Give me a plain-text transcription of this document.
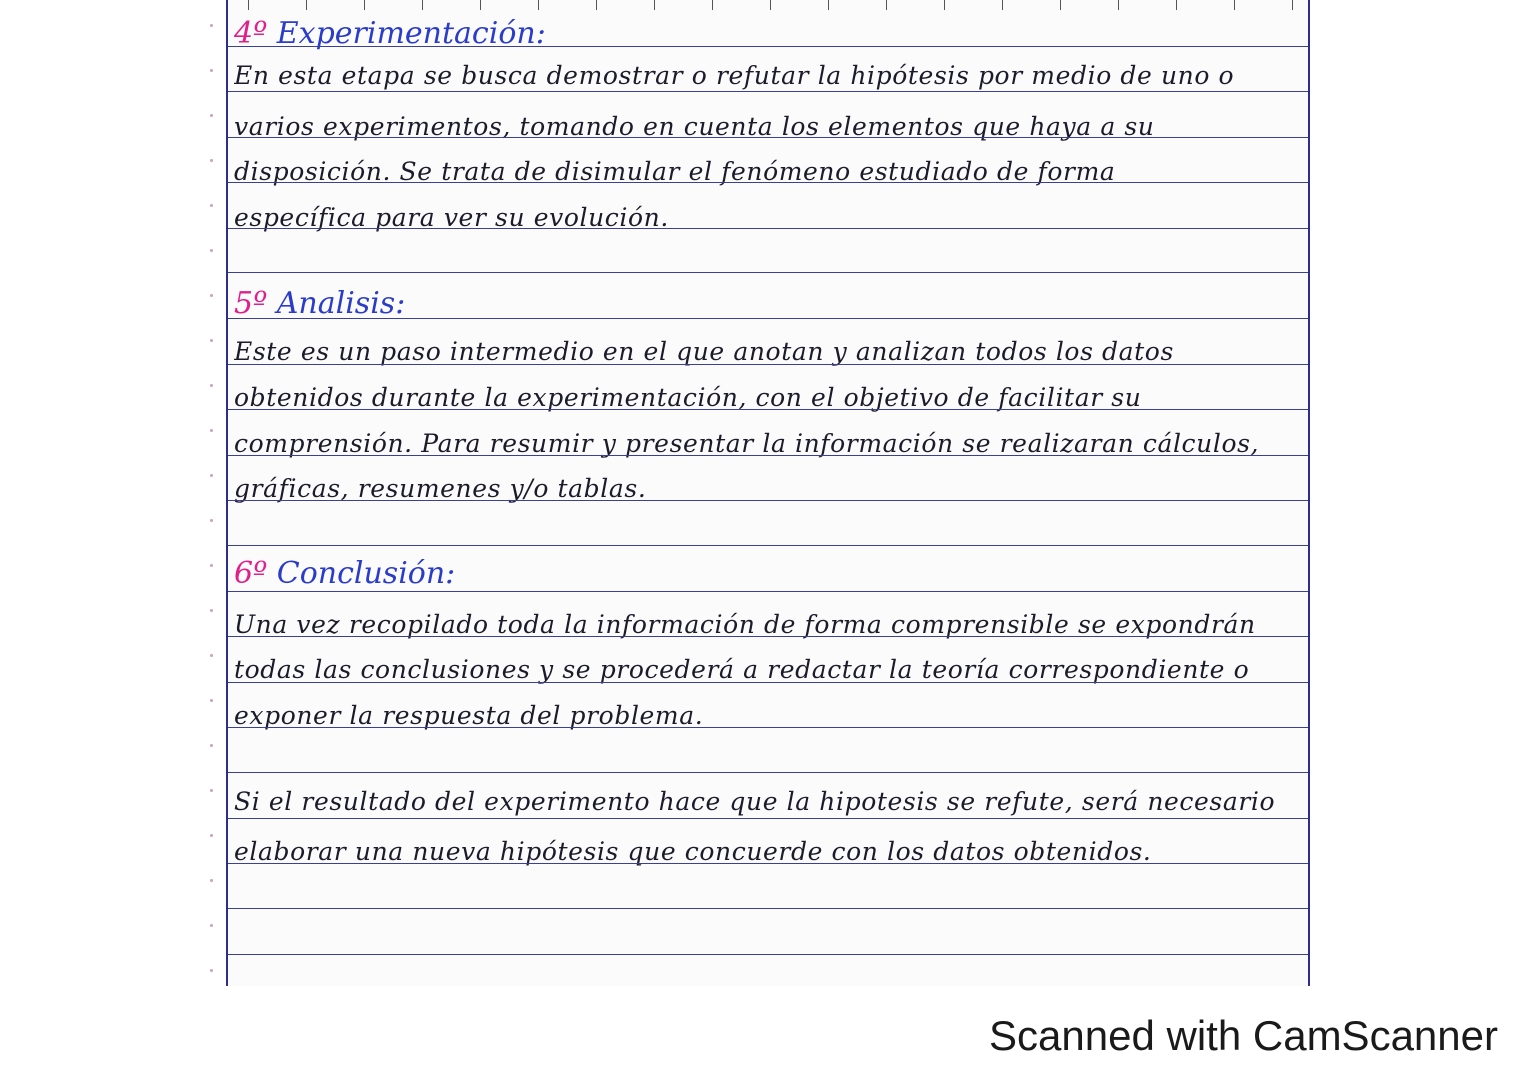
4º Experimentación:
En esta etapa se busca demostrar o refutar la hipótesis por medio de uno o
varios experimentos, tomando en cuenta los elementos que haya a su
disposición. Se trata de disimular el fenómeno estudiado de forma
específica para ver su evolución.
5º Analisis:
Este es un paso intermedio en el que anotan y analizan todos los datos
obtenidos durante la experimentación, con el objetivo de facilitar su
comprensión. Para resumir y presentar la información se realizaran cálculos,
gráficas, resumenes y/o tablas.
6º Conclusión:
Una vez recopilado toda la información de forma comprensible se expondrán
todas las conclusiones y se procederá a redactar la teoría correspondiente o
exponer la respuesta del problema.
Si el resultado del experimento hace que la hipotesis se refute, será necesario
elaborar una nueva hipótesis que concuerde con los datos obtenidos.
Scanned with CamScanner
